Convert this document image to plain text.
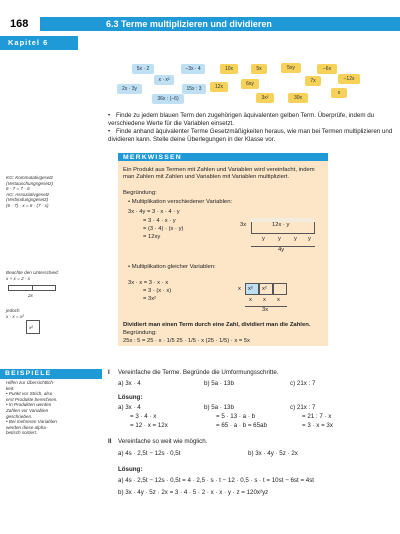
168	6.3 Terme multiplizieren und dividieren
Kapitel 6
5x · 2	−3x · 4
x · x²
2x · 3y	15x : 3
36x : (−6)
10x	5x	5xy	−6x
−12x
12x	6xy	7x
x
3x²	30x
• Finde zu jedem blauen Term den zugehörigen äquivalenten gelben Term. Überprüfe, indem du verschiedene Werte für die Variablen einsetzt.
• Finde anhand äquivalenter Terme Gesetzmäßigkeiten heraus, wie man bei Termen multiplizieren und dividieren kann. Stelle deine Überlegungen in der Klasse vor.
MERKWISSEN
Ein Produkt aus Termen mit Zahlen und Variablen wird vereinfacht, indem man Zahlen mit Zahlen und Variablen mit Variablen multipliziert.
Begründung:
• Multiplikation verschiedener Variablen:
3x · 4y = 3 · x · 4 · y
= 3 · 4 · x · y
= (3 · 4) · (x · y)
= 12xy
3x	12x · y
y y y y
4y
• Multiplikation gleicher Variablen:
3x · x = 3 · x · x
= 3 · (x · x)
= 3x²
x x² x²
x x x
3x
Dividiert man einen Term durch eine Zahl, dividiert man die Zahlen.
Begründung:
25x : 5 = 25 · x · 1/5 25 · 1/5 · x (25 · 1/5) · x = 5x
KG: Kommutativgesetz
(Vertauschungsgesetz)
6 · 7 = 7 · 6
AG: Assoziativgesetz
(Verbindungsgesetz)
(6 · 7) · x = 6 · (7 · x)
Beachte den Unterschied:
x + x = 2 · x
2x
jedoch
x · x = x²
x²
Hilfen zur Übersichtlich-
keit:
• Punkt vor Strich, also
erst Produkte berechnen.
• In Produkten werden
Zahlen vor Variablen
geschrieben.
• Bei mehreren Variablen
werden diese alpha-
betisch sortiert.
BEISPIELE	I Vereinfache die Terme. Begründe die Umformungsschritte.
a) 3x · 4	b) 5a · 13b	c) 21x : 7
Lösung:
a) 3x · 4
= 3 · 4 · x
= 12 · x = 12x
b) 5a · 13b
= 5 · 13 · a · b
= 65 · a · b = 65ab
c) 21x : 7
= 21 : 7 · x
= 3 · x = 3x
II Vereinfache so weit wie möglich.
a) 4s · 2,5t − 12s · 0,5t	b) 3x · 4y · 5z · 2x
Lösung:
a) 4s · 2,5t − 12s · 0,5t = 4 · 2,5 · s · t − 12 · 0,5 · s · t = 10st − 6st = 4st
b) 3x · 4y · 5z · 2x = 3 · 4 · 5 · 2 · x · x · y · z = 120x²yz
